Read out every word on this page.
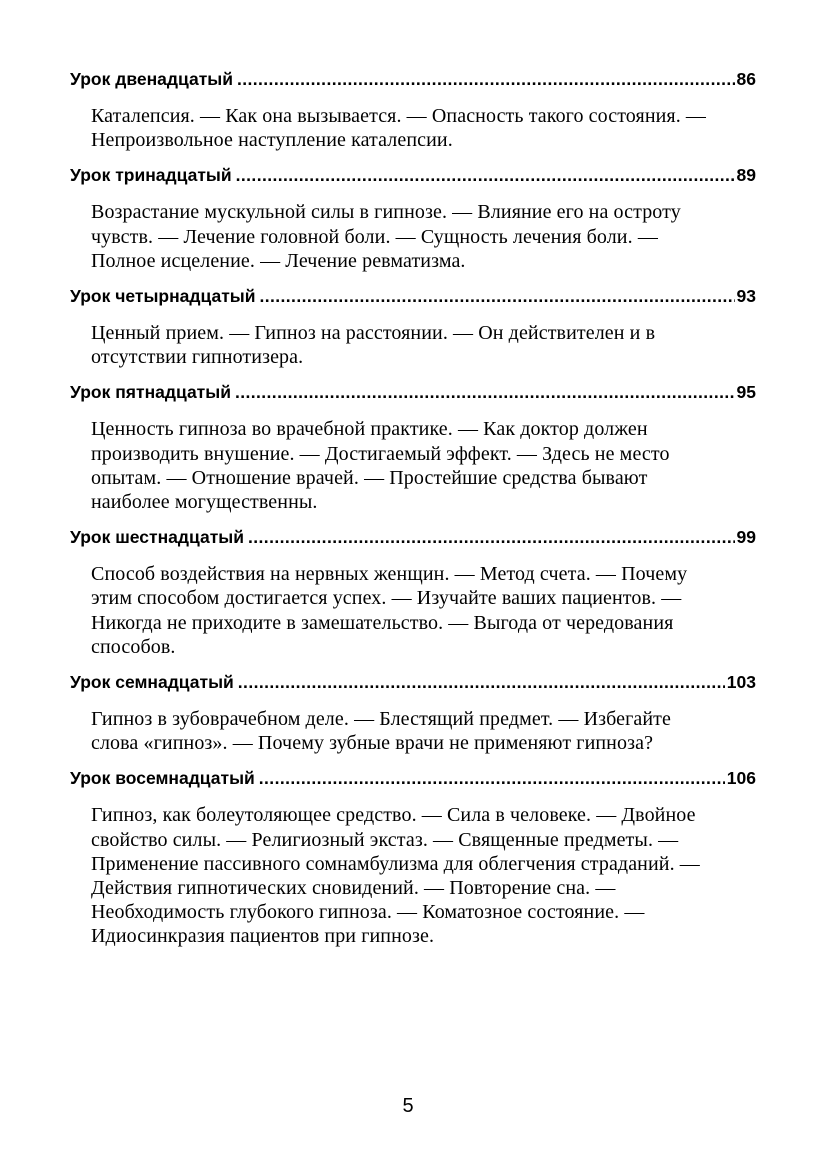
Урок двенадцатый .....	86
Каталепсия. — Как она вызывается. — Опасность такого состояния. —
Непроизвольное наступление каталепсии.
Урок тринадцатый .....	89
Возрастание мускульной силы в гипнозе. — Влияние его на остроту
чувств. — Лечение головной боли. — Сущность лечения боли. —
Полное исцеление. — Лечение ревматизма.
Урок четырнадцатый .....	93
Ценный прием. — Гипноз на расстоянии. — Он действителен и в
отсутствии гипнотизера.
Урок пятнадцатый .....	95
Ценность гипноза во врачебной практике. — Как доктор должен
производить внушение. — Достигаемый эффект. — Здесь не место
опытам. — Отношение врачей. — Простейшие средства бывают
наиболее могущественны.
Урок шестнадцатый .....	99
Способ воздействия на нервных женщин. — Метод счета. — Почему
этим способом достигается успех. — Изучайте ваших пациентов. —
Никогда не приходите в замешательство. — Выгода от чередования
способов.
Урок семнадцатый .....	103
Гипноз в зубоврачебном деле. — Блестящий предмет. — Избегайте
слова «гипноз». — Почему зубные врачи не применяют гипноза?
Урок восемнадцатый .....	106
Гипноз, как болеутоляющее средство. — Сила в человеке. — Двойное
свойство силы. — Религиозный экстаз. — Священные предметы. —
Применение пассивного сомнамбулизма для облегчения страданий. —
Действия гипнотических сновидений. — Повторение сна. —
Необходимость глубокого гипноза. — Коматозное состояние. —
Идиосинкразия пациентов при гипнозе.
5
